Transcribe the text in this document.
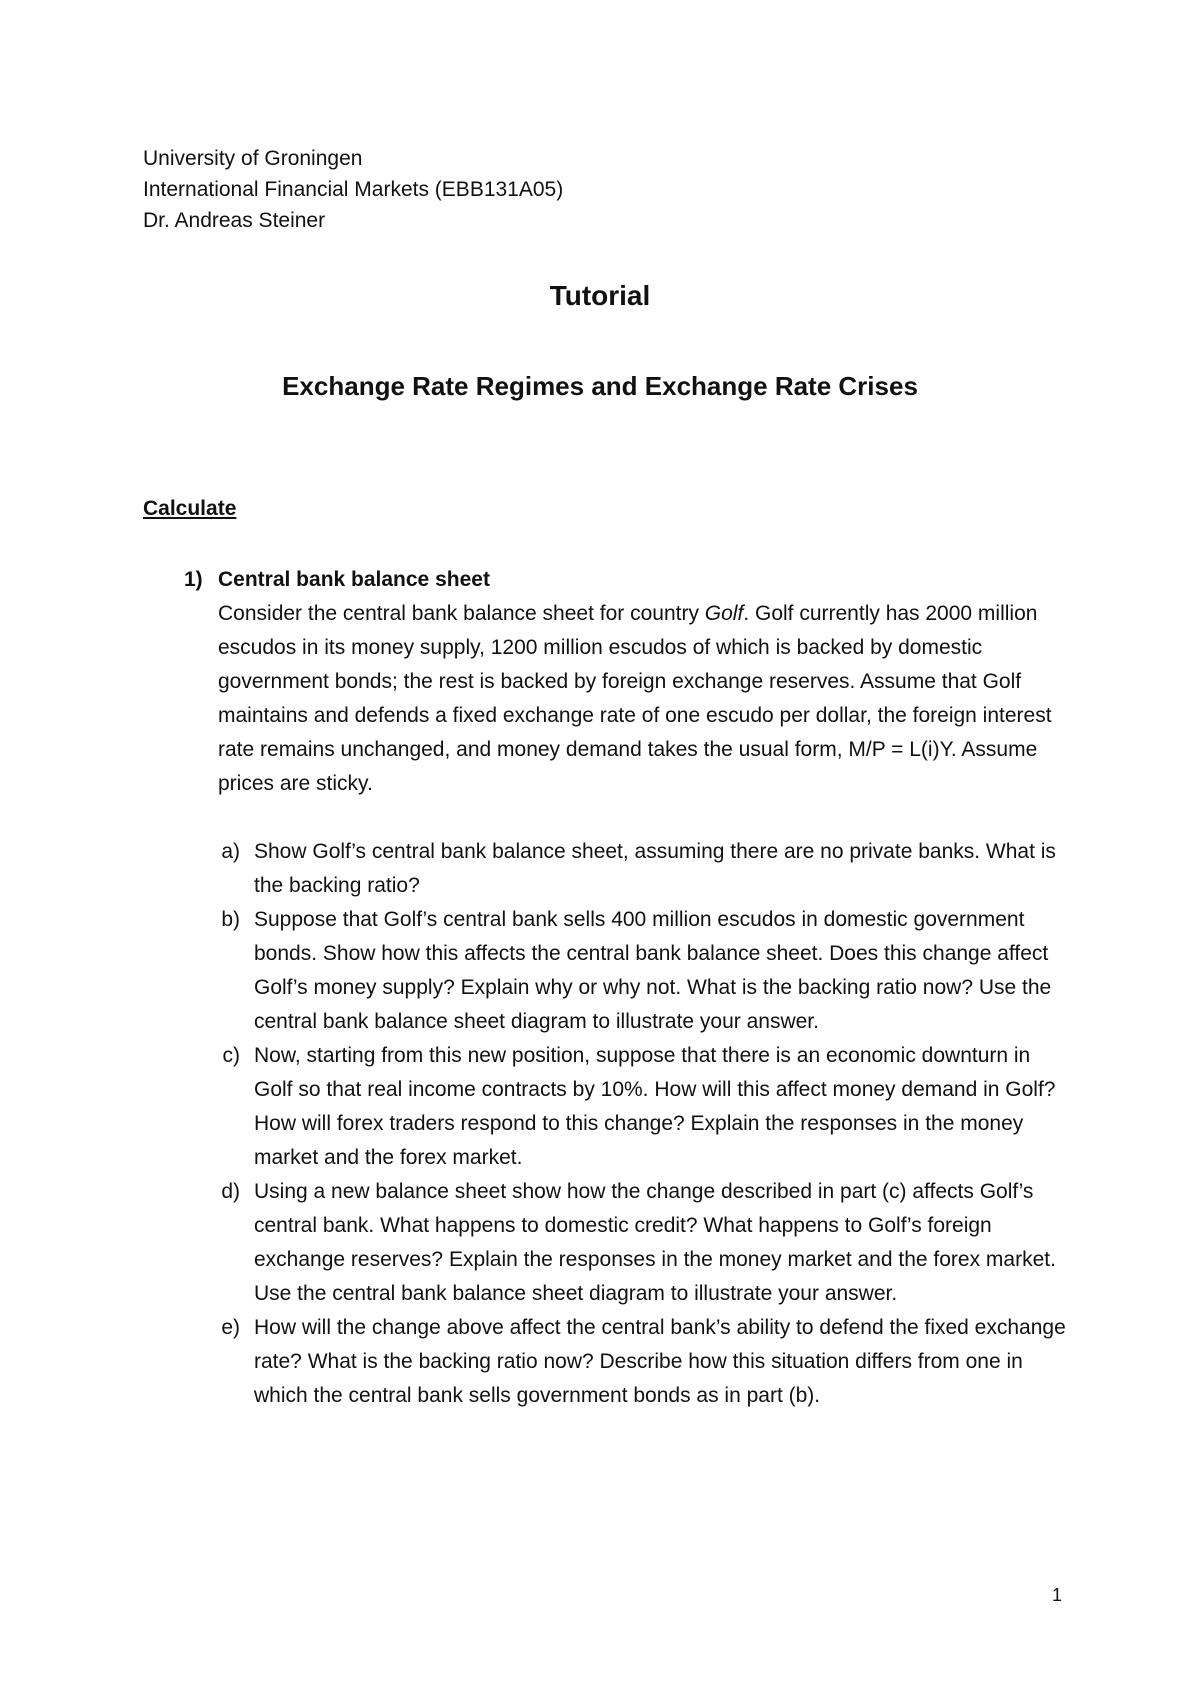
University of Groningen
International Financial Markets (EBB131A05)
Dr. Andreas Steiner
Tutorial
Exchange Rate Regimes and Exchange Rate Crises
Calculate
1) Central bank balance sheet
Consider the central bank balance sheet for country Golf. Golf currently has 2000 million escudos in its money supply, 1200 million escudos of which is backed by domestic government bonds; the rest is backed by foreign exchange reserves. Assume that Golf maintains and defends a fixed exchange rate of one escudo per dollar, the foreign interest rate remains unchanged, and money demand takes the usual form, M/P = L(i)Y. Assume prices are sticky.
a) Show Golf’s central bank balance sheet, assuming there are no private banks. What is the backing ratio?
b) Suppose that Golf’s central bank sells 400 million escudos in domestic government bonds. Show how this affects the central bank balance sheet. Does this change affect Golf’s money supply? Explain why or why not. What is the backing ratio now? Use the central bank balance sheet diagram to illustrate your answer.
c) Now, starting from this new position, suppose that there is an economic downturn in Golf so that real income contracts by 10%. How will this affect money demand in Golf? How will forex traders respond to this change? Explain the responses in the money market and the forex market.
d) Using a new balance sheet show how the change described in part (c) affects Golf’s central bank. What happens to domestic credit? What happens to Golf’s foreign exchange reserves? Explain the responses in the money market and the forex market. Use the central bank balance sheet diagram to illustrate your answer.
e) How will the change above affect the central bank’s ability to defend the fixed exchange rate? What is the backing ratio now? Describe how this situation differs from one in which the central bank sells government bonds as in part (b).
1
